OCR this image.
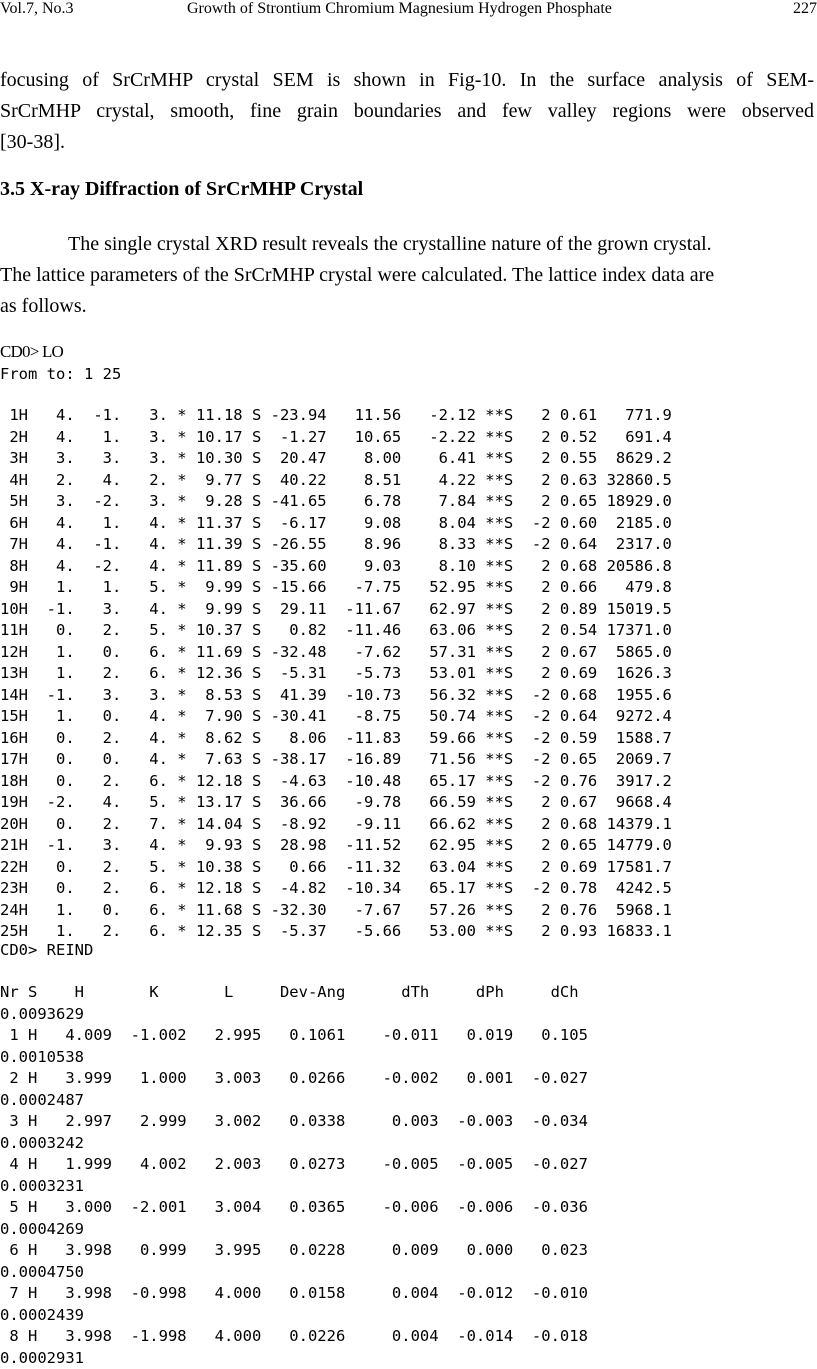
Vol.7, No.3	Growth of Strontium Chromium Magnesium Hydrogen Phosphate	227

focusing of SrCrMHP crystal SEM is shown in Fig-10. In the surface analysis of SEM-
SrCrMHP crystal, smooth, fine grain boundaries and few valley regions were observed
[30-38].

3.5 X-ray Diffraction of SrCrMHP Crystal

The single crystal XRD result reveals the crystalline nature of the grown crystal.
The lattice parameters of the SrCrMHP crystal were calculated. The lattice index data are
as follows.

CD0> LO
From to: 1 25
1H   4.  -1.   3. * 11.18 S -23.94   11.56   -2.12 **S   2 0.61   771.9
2H   4.   1.   3. * 10.17 S  -1.27   10.65   -2.22 **S   2 0.52   691.4
3H   3.   3.   3. * 10.30 S  20.47    8.00    6.41 **S   2 0.55  8629.2
4H   2.   4.   2. *  9.77 S  40.22    8.51    4.22 **S   2 0.63 32860.5
5H   3.  -2.   3. *  9.28 S -41.65    6.78    7.84 **S   2 0.65 18929.0
6H   4.   1.   4. * 11.37 S  -6.17    9.08    8.04 **S  -2 0.60  2185.0
7H   4.  -1.   4. * 11.39 S -26.55    8.96    8.33 **S  -2 0.64  2317.0
8H   4.  -2.   4. * 11.89 S -35.60    9.03    8.10 **S   2 0.68 20586.8
9H   1.   1.   5. *  9.99 S -15.66   -7.75   52.95 **S   2 0.66   479.8
10H  -1.   3.   4. *  9.99 S  29.11  -11.67   62.97 **S   2 0.89 15019.5
11H   0.   2.   5. * 10.37 S   0.82  -11.46   63.06 **S   2 0.54 17371.0
12H   1.   0.   6. * 11.69 S -32.48   -7.62   57.31 **S   2 0.67  5865.0
13H   1.   2.   6. * 12.36 S  -5.31   -5.73   53.01 **S   2 0.69  1626.3
14H  -1.   3.   3. *  8.53 S  41.39  -10.73   56.32 **S  -2 0.68  1955.6
15H   1.   0.   4. *  7.90 S -30.41   -8.75   50.74 **S  -2 0.64  9272.4
16H   0.   2.   4. *  8.62 S   8.06  -11.83   59.66 **S  -2 0.59  1588.7
17H   0.   0.   4. *  7.63 S -38.17  -16.89   71.56 **S  -2 0.65  2069.7
18H   0.   2.   6. * 12.18 S  -4.63  -10.48   65.17 **S  -2 0.76  3917.2
19H  -2.   4.   5. * 13.17 S  36.66   -9.78   66.59 **S   2 0.67  9668.4
20H   0.   2.   7. * 14.04 S  -8.92   -9.11   66.62 **S   2 0.68 14379.1
21H  -1.   3.   4. *  9.93 S  28.98  -11.52   62.95 **S   2 0.65 14779.0
22H   0.   2.   5. * 10.38 S   0.66  -11.32   63.04 **S   2 0.69 17581.7
23H   0.   2.   6. * 12.18 S  -4.82  -10.34   65.17 **S  -2 0.78  4242.5
24H   1.   0.   6. * 11.68 S -32.30   -7.67   57.26 **S   2 0.76  5968.1
25H   1.   2.   6. * 12.35 S  -5.37   -5.66   53.00 **S   2 0.93 16833.1
CD0> REIND
Nr S    H       K       L     Dev-Ang      dTh     dPh     dCh
0.0093629
1 H   4.009  -1.002   2.995   0.1061    -0.011   0.019   0.105
0.0010538
2 H   3.999   1.000   3.003   0.0266    -0.002   0.001  -0.027
0.0002487
3 H   2.997   2.999   3.002   0.0338     0.003  -0.003  -0.034
0.0003242
4 H   1.999   4.002   2.003   0.0273    -0.005  -0.005  -0.027
0.0003231
5 H   3.000  -2.001   3.004   0.0365    -0.006  -0.006  -0.036
0.0004269
6 H   3.998   0.999   3.995   0.0228     0.009   0.000   0.023
0.0004750
7 H   3.998  -0.998   4.000   0.0158     0.004  -0.012  -0.010
0.0002439
8 H   3.998  -1.998   4.000   0.0226     0.004  -0.014  -0.018
0.0002931
